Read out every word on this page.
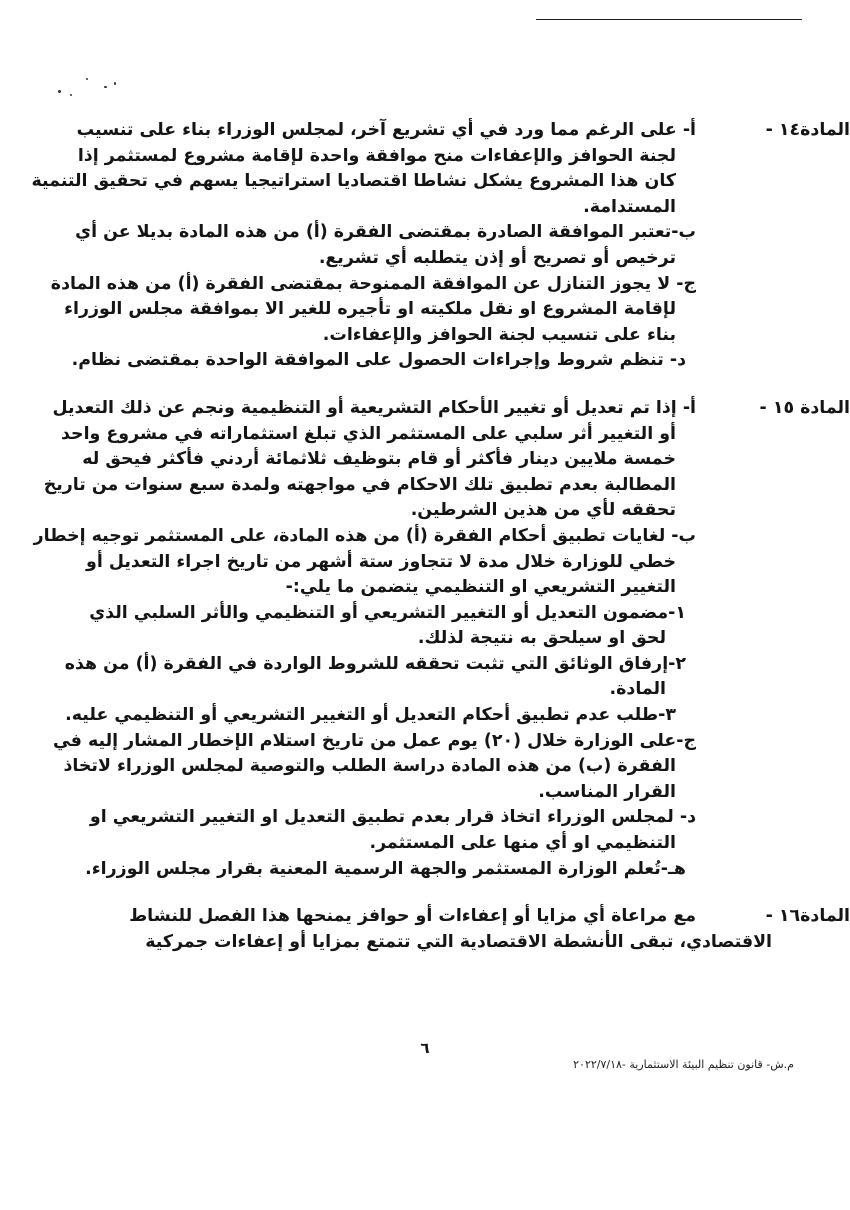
المادة١٤ -
أ- على الرغم مما ورد في أي تشريع آخر، لمجلس الوزراء بناء على تنسيب
لجنة الحوافز والإعفاءات منح موافقة واحدة لإقامة مشروع لمستثمر إذا
كان هذا المشروع يشكل نشاطا اقتصاديا استراتيجيا يسهم في تحقيق التنمية
المستدامة.
ب-تعتبر الموافقة الصادرة بمقتضى الفقرة (أ) من هذه المادة بديلا عن أي
ترخيص أو تصريح أو إذن يتطلبه أي تشريع.
ج- لا يجوز التنازل عن الموافقة الممنوحة بمقتضى الفقرة (أ) من هذه المادة
لإقامة المشروع او نقل ملكيته او تأجيره للغير الا بموافقة مجلس الوزراء
بناء على تنسيب لجنة الحوافز والإعفاءات.
د- تنظم شروط وإجراءات الحصول على الموافقة الواحدة بمقتضى نظام.
المادة ١٥ -
أ- إذا تم تعديل أو تغيير الأحكام التشريعية أو التنظيمية ونجم عن ذلك التعديل
أو التغيير أثر سلبي على المستثمر الذي تبلغ استثماراته في مشروع واحد
خمسة ملايين دينار فأكثر أو قام بتوظيف ثلاثمائة أردني فأكثر فيحق له
المطالبة بعدم تطبيق تلك الاحكام في مواجهته ولمدة سبع سنوات من تاريخ
تحققه لأي من هذين الشرطين.
ب- لغايات تطبيق أحكام الفقرة (أ) من هذه المادة، على المستثمر توجيه إخطار
خطي للوزارة خلال مدة لا تتجاوز ستة أشهر من تاريخ اجراء التعديل أو
التغيير التشريعي او التنظيمي يتضمن ما يلي:-
١-مضمون التعديل أو التغيير التشريعي أو التنظيمي والأثر السلبي الذي
لحق او سيلحق به نتيجة لذلك.
٢-إرفاق الوثائق التي تثبت تحققه للشروط الواردة في الفقرة (أ) من هذه
المادة.
٣-طلب عدم تطبيق أحكام التعديل أو التغيير التشريعي أو التنظيمي عليه.
ج-على الوزارة خلال (٢٠) يوم عمل من تاريخ استلام الإخطار المشار إليه في
الفقرة (ب) من هذه المادة دراسة الطلب والتوصية لمجلس الوزراء لاتخاذ
القرار المناسب.
د- لمجلس الوزراء اتخاذ قرار بعدم تطبيق التعديل او التغيير التشريعي او
التنظيمي او أي منها على المستثمر.
هـ-تُعلم الوزارة المستثمر والجهة الرسمية المعنية بقرار مجلس الوزراء.
المادة١٦ -
مع مراعاة أي مزايا أو إعفاءات أو حوافز يمنحها هذا الفصل للنشاط
الاقتصادي، تبقى الأنشطة الاقتصادية التي تتمتع بمزايا أو إعفاءات جمركية
٦
م.ش- قانون تنظيم البيئة الاستثمارية -٢٠٢٢/٧/١٨
